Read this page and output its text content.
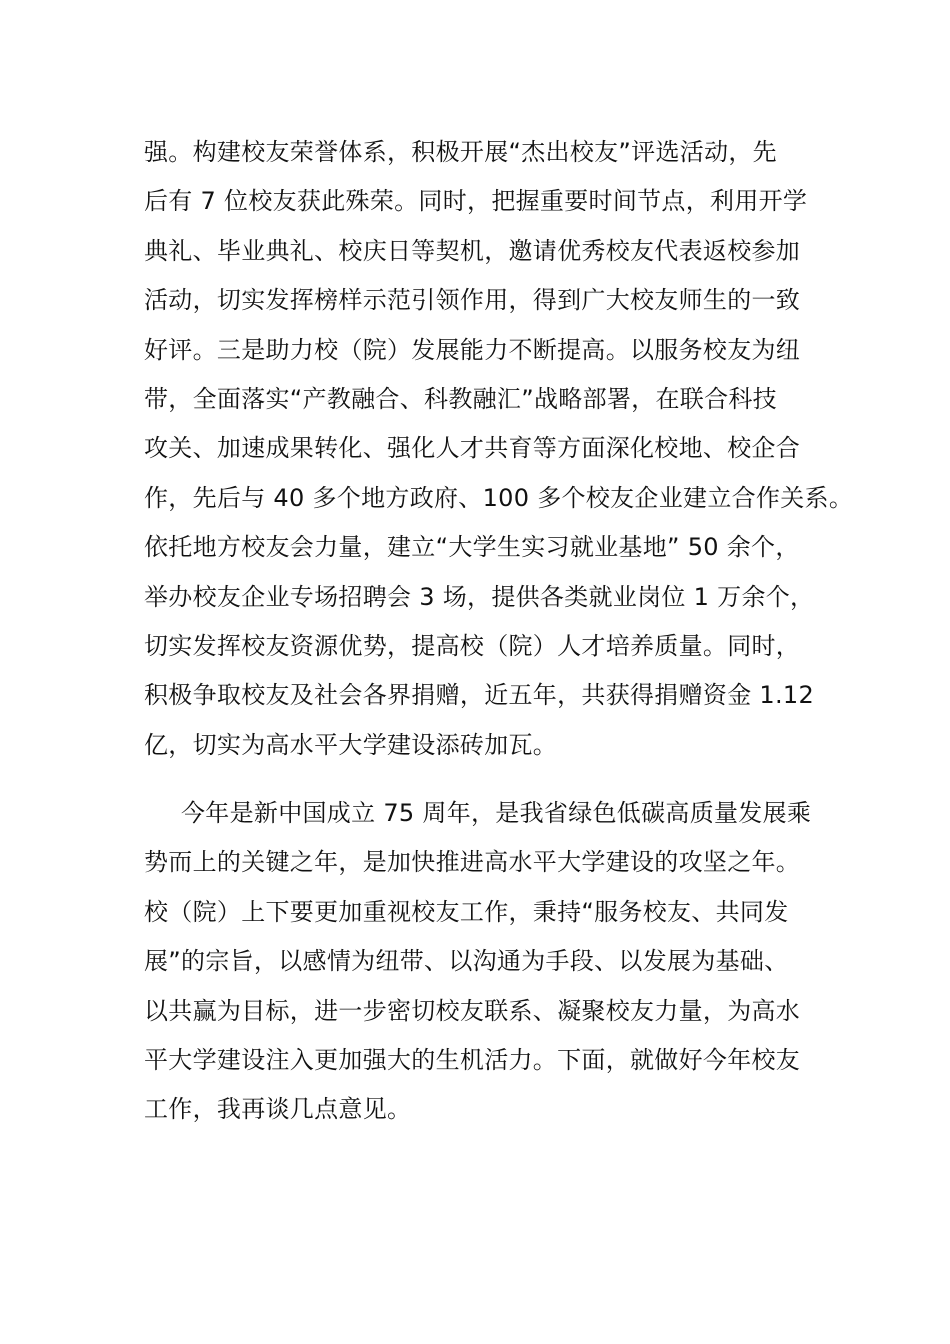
强。构建校友荣誉体系，积极开展“杰出校友”评选活动，先
后有 7 位校友获此殊荣。同时，把握重要时间节点，利用开学
典礼、毕业典礼、校庆日等契机，邀请优秀校友代表返校参加
活动，切实发挥榜样示范引领作用，得到广大校友师生的一致
好评。三是助力校（院）发展能力不断提高。以服务校友为纽
带，全面落实“产教融合、科教融汇”战略部署，在联合科技
攻关、加速成果转化、强化人才共育等方面深化校地、校企合
作，先后与 40 多个地方政府、100 多个校友企业建立合作关系。
依托地方校友会力量，建立“大学生实习就业基地” 50 余个，
举办校友企业专场招聘会 3 场，提供各类就业岗位 1 万余个，
切实发挥校友资源优势，提高校（院）人才培养质量。同时，
积极争取校友及社会各界捐赠，近五年，共获得捐赠资金 1.12
亿，切实为高水平大学建设添砖加瓦。
今年是新中国成立 75 周年，是我省绿色低碳高质量发展乘
势而上的关键之年，是加快推进高水平大学建设的攻坚之年。
校（院）上下要更加重视校友工作，秉持“服务校友、共同发
展”的宗旨，以感情为纽带、以沟通为手段、以发展为基础、
以共赢为目标，进一步密切校友联系、凝聚校友力量，为高水
平大学建设注入更加强大的生机活力。下面，就做好今年校友
工作，我再谈几点意见。
